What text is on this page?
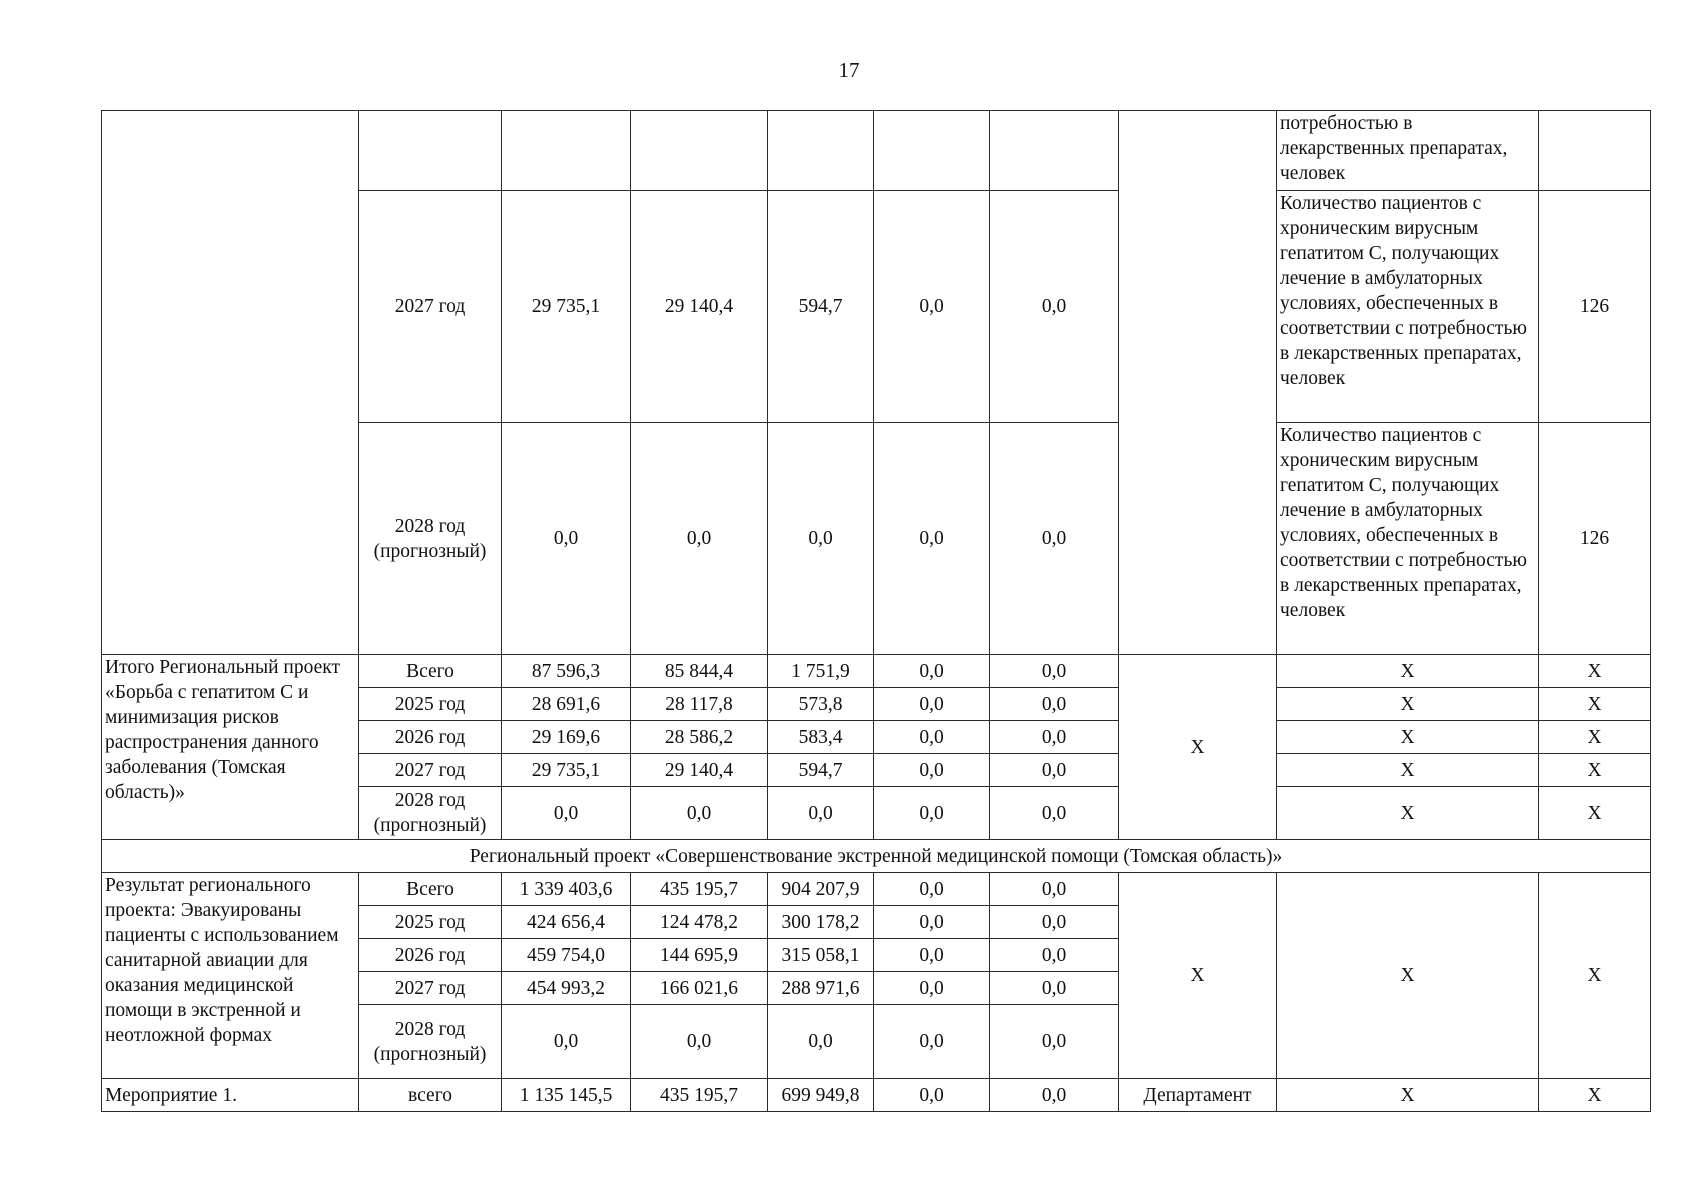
17
								потребностью в лекарственных препаратах, человек	
	2027 год	29 735,1	29 140,4	594,7	0,0	0,0		Количество пациентов с хроническим вирусным гепатитом С, получающих лечение в амбулаторных условиях, обеспеченных в соответствии с потребностью в лекарственных препаратах, человек	126
	2028 год (прогнозный)	0,0	0,0	0,0	0,0	0,0		Количество пациентов с хроническим вирусным гепатитом С, получающих лечение в амбулаторных условиях, обеспеченных в соответствии с потребностью в лекарственных препаратах, человек	126
Итого Региональный проект «Борьба с гепатитом С и минимизация рисков распространения данного заболевания (Томская область)»	Всего	87 596,3	85 844,4	1 751,9	0,0	0,0	X	X	X
	2025 год	28 691,6	28 117,8	573,8	0,0	0,0		X	X
	2026 год	29 169,6	28 586,2	583,4	0,0	0,0		X	X
	2027 год	29 735,1	29 140,4	594,7	0,0	0,0		X	X
	2028 год (прогнозный)	0,0	0,0	0,0	0,0	0,0		X	X
Региональный проект «Совершенствование экстренной медицинской помощи (Томская область)»									
Результат регионального проекта: Эвакуированы пациенты с использованием санитарной авиации для оказания медицинской помощи в экстренной и неотложной формах	Всего	1 339 403,6	435 195,7	904 207,9	0,0	0,0	X	X	X
	2025 год	424 656,4	124 478,2	300 178,2	0,0	0,0			
	2026 год	459 754,0	144 695,9	315 058,1	0,0	0,0			
	2027 год	454 993,2	166 021,6	288 971,6	0,0	0,0			
	2028 год (прогнозный)	0,0	0,0	0,0	0,0	0,0			
Мероприятие 1.	всего	1 135 145,5	435 195,7	699 949,8	0,0	0,0	Департамент	X	X
